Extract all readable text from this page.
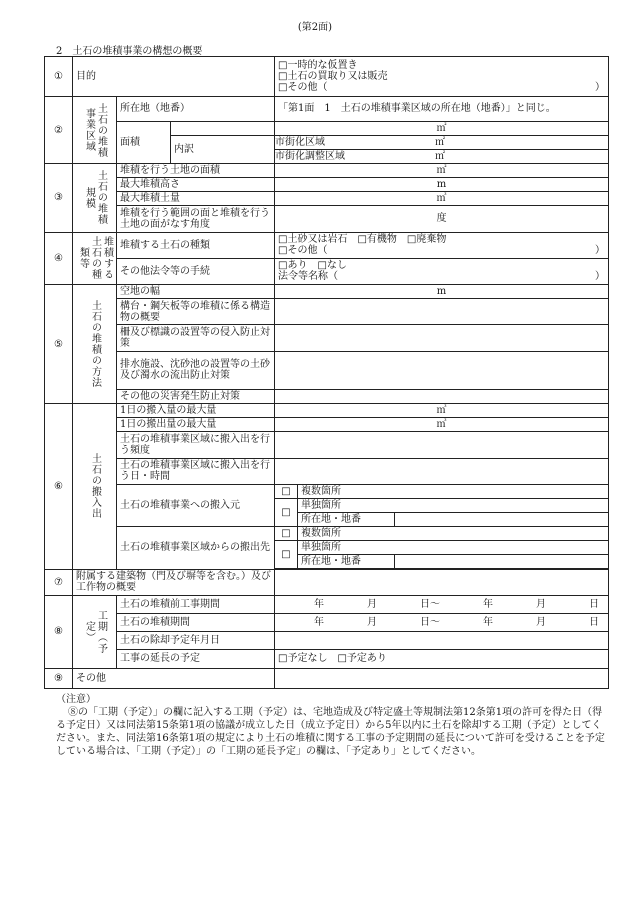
(第2面)
2　土石の堆積事業の構想の概要
①	目的	
□一時的な仮置き
□土石の買取り又は販売
□その他（	）

②	土石の堆積事業区域	所在地（地番）	「第1面　1　土石の堆積事業区域の所在地（地番）」と同じ。
面積		㎡
内訳	
市街化区域	㎡

市街化調整区域	㎡

③	土石の堆積規模
	堆積を行う土地の面積	㎡
最大堆積高さ	m
最大堆積土量	㎥
堆積を行う範囲の面と堆積を行う土地の面がなす角度	度
④	堆積する土石の種類等
	堆積する土石の種類	□土砂又は岩石　 □有機物　 □廃棄物
□その他（	）

その他法令等の手続	□あり　 □なし
法令等名称（	）

⑤	土石の堆積の方法
	空地の幅	m
構台・鋼矢板等の堆積に係る構造物の概要	
柵及び標識の設置等の侵入防止対策	
排水施設、沈砂池の設置等の土砂及び濁水の流出防止対策	
その他の災害発生防止対策	
⑥	土石の搬入出
	1日の搬入量の最大量	㎥
1日の搬出量の最大量	㎥
土石の堆積事業区域に搬入出を行う頻度	
土石の堆積事業区域に搬入出を行う日・時間	
土石の堆積事業への搬入元	
□	複数箇所
□	単独箇所
所在地・地番	

土石の堆積事業区域からの搬出先	
□	複数箇所
□	単独箇所
所在地・地番	

⑦	附属する建築物（門及び塀等を含む。）及び工作物の概要	
⑧	工期（予定）
	土石の堆積前工事期間	年	月	日〜	年	月	日

土石の堆積期間	年	月	日〜	年	月	日

土石の除却予定年月日	
工事の延長の予定	□予定なし　 □予定あり
⑨	その他	
（注意）

⑧の「工期（予定）」の欄に記入する工期（予定）は、宅地造成及び特定盛土等規制法第12条第1項の許可を得た日（得る予定日）又は同法第15条第1項の協議が成立した日（成立予定日）から5年以内に土石を除却する工期（予定）としてください。また、同法第16条第1項の規定により土石の堆積に関する工事の予定期間の延長について許可を受けることを予定している場合は、「工期（予定）」の「工期の延長予定」の欄は、「予定あり」としてください。
